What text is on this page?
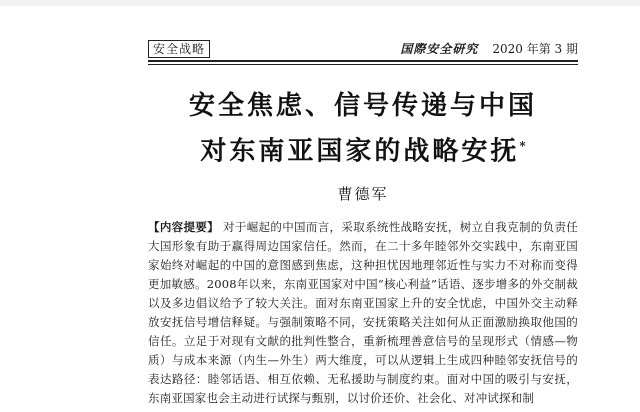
安全战略	国際安全研究 2020 年第 3 期
安全焦虑、信号传递与中国
对东南亚国家的战略安抚*
曹德军

【内容提要】 对于崛起的中国而言，采取系统性战略安抚，树立自我克制的负责任大国形象有助于赢得周边国家信任。然而，在二十多年睦邻外交实践中，东南亚国家始终对崛起的中国的意图感到焦虑，这种担忧因地理邻近性与实力不对称而变得更加敏感。2008年以来，东南亚国家对中国“核心利益”话语、逐步增多的外交制裁以及多边倡议给予了较大关注。面对东南亚国家上升的安全忧虑，中国外交主动释放安抚信号增信释疑。与强制策略不同，安抚策略关注如何从正面激励换取他国的信任。立足于对现有文献的批判性整合，重新梳理善意信号的呈现形式（情感—物质）与成本来源（内生—外生）两大维度，可以从逻辑上生成四种睦邻安抚信号的表达路径：睦邻话语、相互依赖、无私援助与制度约束。面对中国的吸引与安抚，东南亚国家也会主动进行试探与甄别，以讨价还价、社会化、对冲试探和制
